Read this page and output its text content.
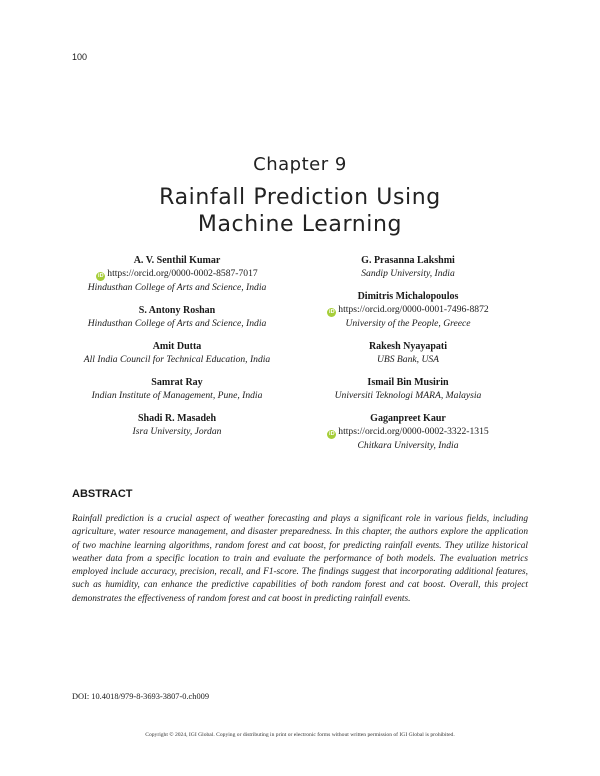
100
Chapter 9
Rainfall Prediction Using
Machine Learning
A. V. Senthil Kumar
iD https://orcid.org/0000-0002-8587-7017
Hindusthan College of Arts and Science, India
S. Antony Roshan
Hindusthan College of Arts and Science, India
Amit Dutta
All India Council for Technical Education, India
Samrat Ray
Indian Institute of Management, Pune, India
Shadi R. Masadeh
Isra University, Jordan
G. Prasanna Lakshmi
Sandip University, India
Dimitris Michalopoulos
iD https://orcid.org/0000-0001-7496-8872
University of the People, Greece
Rakesh Nyayapati
UBS Bank, USA
Ismail Bin Musirin
Universiti Teknologi MARA, Malaysia
Gaganpreet Kaur
iD https://orcid.org/0000-0002-3322-1315
Chitkara University, India
ABSTRACT
Rainfall prediction is a crucial aspect of weather forecasting and plays a significant role in various fields, including agriculture, water resource management, and disaster preparedness. In this chapter, the authors explore the application of two machine learning algorithms, random forest and cat boost, for predicting rainfall events. They utilize historical weather data from a specific location to train and evaluate the performance of both models. The evaluation metrics employed include accuracy, precision, recall, and F1-score. The findings suggest that incorporating additional features, such as humidity, can enhance the predictive capabilities of both random forest and cat boost. Overall, this project demonstrates the effectiveness of random forest and cat boost in predicting rainfall events.
DOI: 10.4018/979-8-3693-3807-0.ch009
Copyright © 2024, IGI Global. Copying or distributing in print or electronic forms without written permission of IGI Global is prohibited.
